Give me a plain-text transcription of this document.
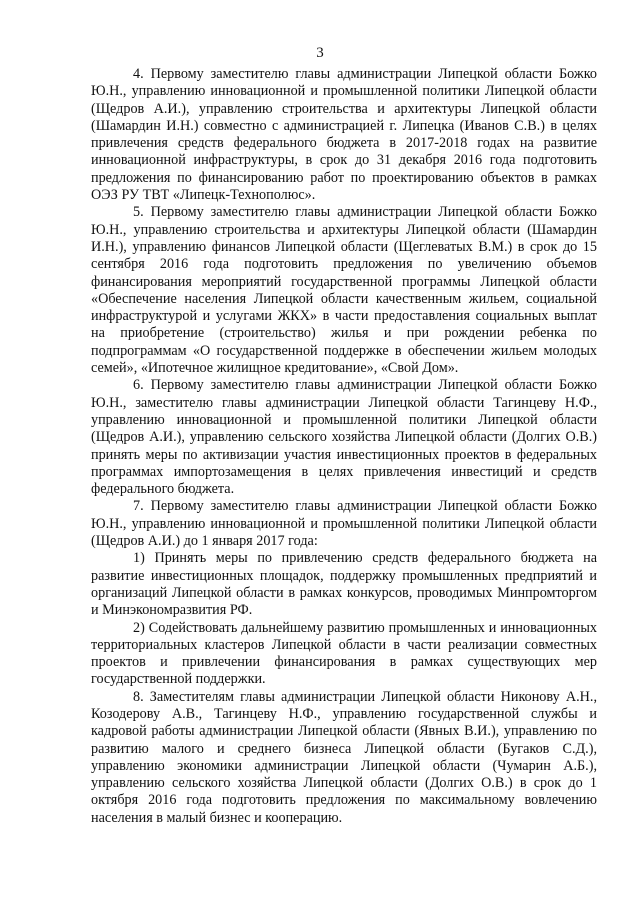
3

4. Первому заместителю главы администрации Липецкой области Божко Ю.Н., управлению инновационной и промышленной политики Липецкой области (Щедров А.И.), управлению строительства и архитектуры Липецкой области (Шамардин И.Н.) совместно с администрацией г. Липецка (Иванов С.В.) в целях привлечения средств федерального бюджета в 2017-2018 годах на развитие инновационной инфраструктуры, в срок до 31 декабря 2016 года подготовить предложения по финансированию работ по проектированию объектов в рамках ОЭЗ РУ ТВТ «Липецк-Технополюс».

5. Первому заместителю главы администрации Липецкой области Божко Ю.Н., управлению строительства и архитектуры Липецкой области (Шамардин И.Н.), управлению финансов Липецкой области (Щеглеватых В.М.) в срок до 15 сентября 2016 года подготовить предложения по увеличению объемов финансирования мероприятий государственной программы Липецкой области «Обеспечение населения Липецкой области качественным жильем, социальной инфраструктурой и услугами ЖКХ» в части предоставления социальных выплат на приобретение (строительство) жилья и при рождении ребенка по подпрограммам «О государственной поддержке в обеспечении жильем молодых семей», «Ипотечное жилищное кредитование», «Свой Дом».

6. Первому заместителю главы администрации Липецкой области Божко Ю.Н., заместителю главы администрации Липецкой области Тагинцеву Н.Ф., управлению инновационной и промышленной политики Липецкой области (Щедров А.И.), управлению сельского хозяйства Липецкой области (Долгих О.В.) принять меры по активизации участия инвестиционных проектов в федеральных программах импортозамещения в целях привлечения инвестиций и средств федерального бюджета.

7. Первому заместителю главы администрации Липецкой области Божко Ю.Н., управлению инновационной и промышленной политики Липецкой области (Щедров А.И.) до 1 января 2017 года:

1) Принять меры по привлечению средств федерального бюджета на развитие инвестиционных площадок, поддержку промышленных предприятий и организаций Липецкой области в рамках конкурсов, проводимых Минпромторгом и Минэкономразвития РФ.

2) Содействовать дальнейшему развитию промышленных и инновационных территориальных кластеров Липецкой области в части реализации совместных проектов и привлечении финансирования в рамках существующих мер государственной поддержки.

8. Заместителям главы администрации Липецкой области Никонову А.Н., Козодерову А.В., Тагинцеву Н.Ф., управлению государственной службы и кадровой работы администрации Липецкой области (Явных В.И.), управлению по развитию малого и среднего бизнеса Липецкой области (Бугаков С.Д.), управлению экономики администрации Липецкой области (Чумарин А.Б.), управлению сельского хозяйства Липецкой области (Долгих О.В.) в срок до 1 октября 2016 года подготовить предложения по максимальному вовлечению населения в малый бизнес и кооперацию.
